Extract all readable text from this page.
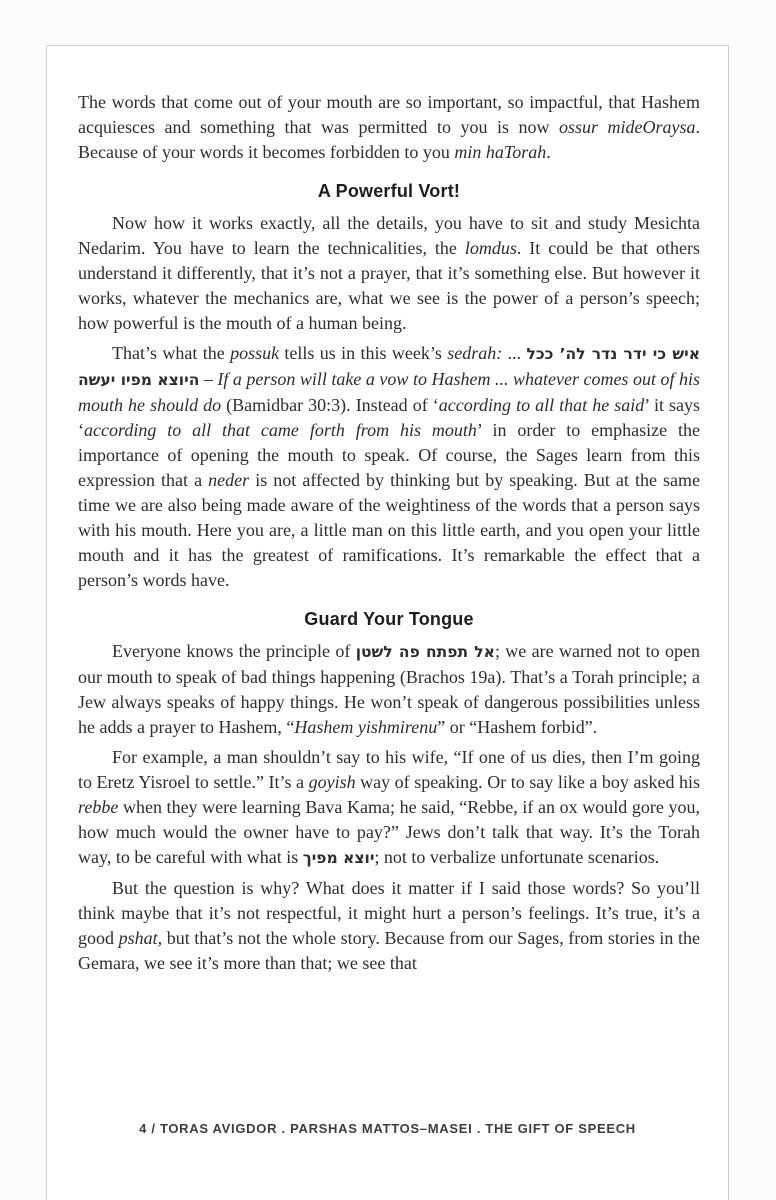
The words that come out of your mouth are so important, so impactful, that Hashem acquiesces and something that was permitted to you is now ossur mideOraysa. Because of your words it becomes forbidden to you min haTorah.

A Powerful Vort!

Now how it works exactly, all the details, you have to sit and study Mesichta Nedarim. You have to learn the technicalities, the lomdus. It could be that others understand it differently, that it’s not a prayer, that it’s something else. But however it works, whatever the mechanics are, what we see is the power of a person’s speech; how powerful is the mouth of a human being.

That’s what the possuk tells us in this week’s sedrah: ... איש כי ידר נדר לה’ ככל היוצא מפיו יעשה – If a person will take a vow to Hashem ... whatever comes out of his mouth he should do (Bamidbar 30:3). Instead of ‘according to all that he said’ it says ‘according to all that came forth from his mouth’ in order to emphasize the importance of opening the mouth to speak. Of course, the Sages learn from this expression that a neder is not affected by thinking but by speaking. But at the same time we are also being made aware of the weightiness of the words that a person says with his mouth. Here you are, a little man on this little earth, and you open your little mouth and it has the greatest of ramifications. It’s remarkable the effect that a person’s words have.

Guard Your Tongue

Everyone knows the principle of אל תפתח פה לשטן; we are warned not to open our mouth to speak of bad things happening (Brachos 19a). That’s a Torah principle; a Jew always speaks of happy things. He won’t speak of dangerous possibilities unless he adds a prayer to Hashem, “Hashem yishmirenu” or “Hashem forbid”.

For example, a man shouldn’t say to his wife, “If one of us dies, then I’m going to Eretz Yisroel to settle.” It’s a goyish way of speaking. Or to say like a boy asked his rebbe when they were learning Bava Kama; he said, “Rebbe, if an ox would gore you, how much would the owner have to pay?” Jews don’t talk that way. It’s the Torah way, to be careful with what is יוצא מפיך; not to verbalize unfortunate scenarios.

But the question is why? What does it matter if I said those words? So you’ll think maybe that it’s not respectful, it might hurt a person’s feelings. It’s true, it’s a good pshat, but that’s not the whole story. Because from our Sages, from stories in the Gemara, we see it’s more than that; we see that

4 / TORAS AVIGDOR . PARSHAS MATTOS–MASEI . THE GIFT OF SPEECH
